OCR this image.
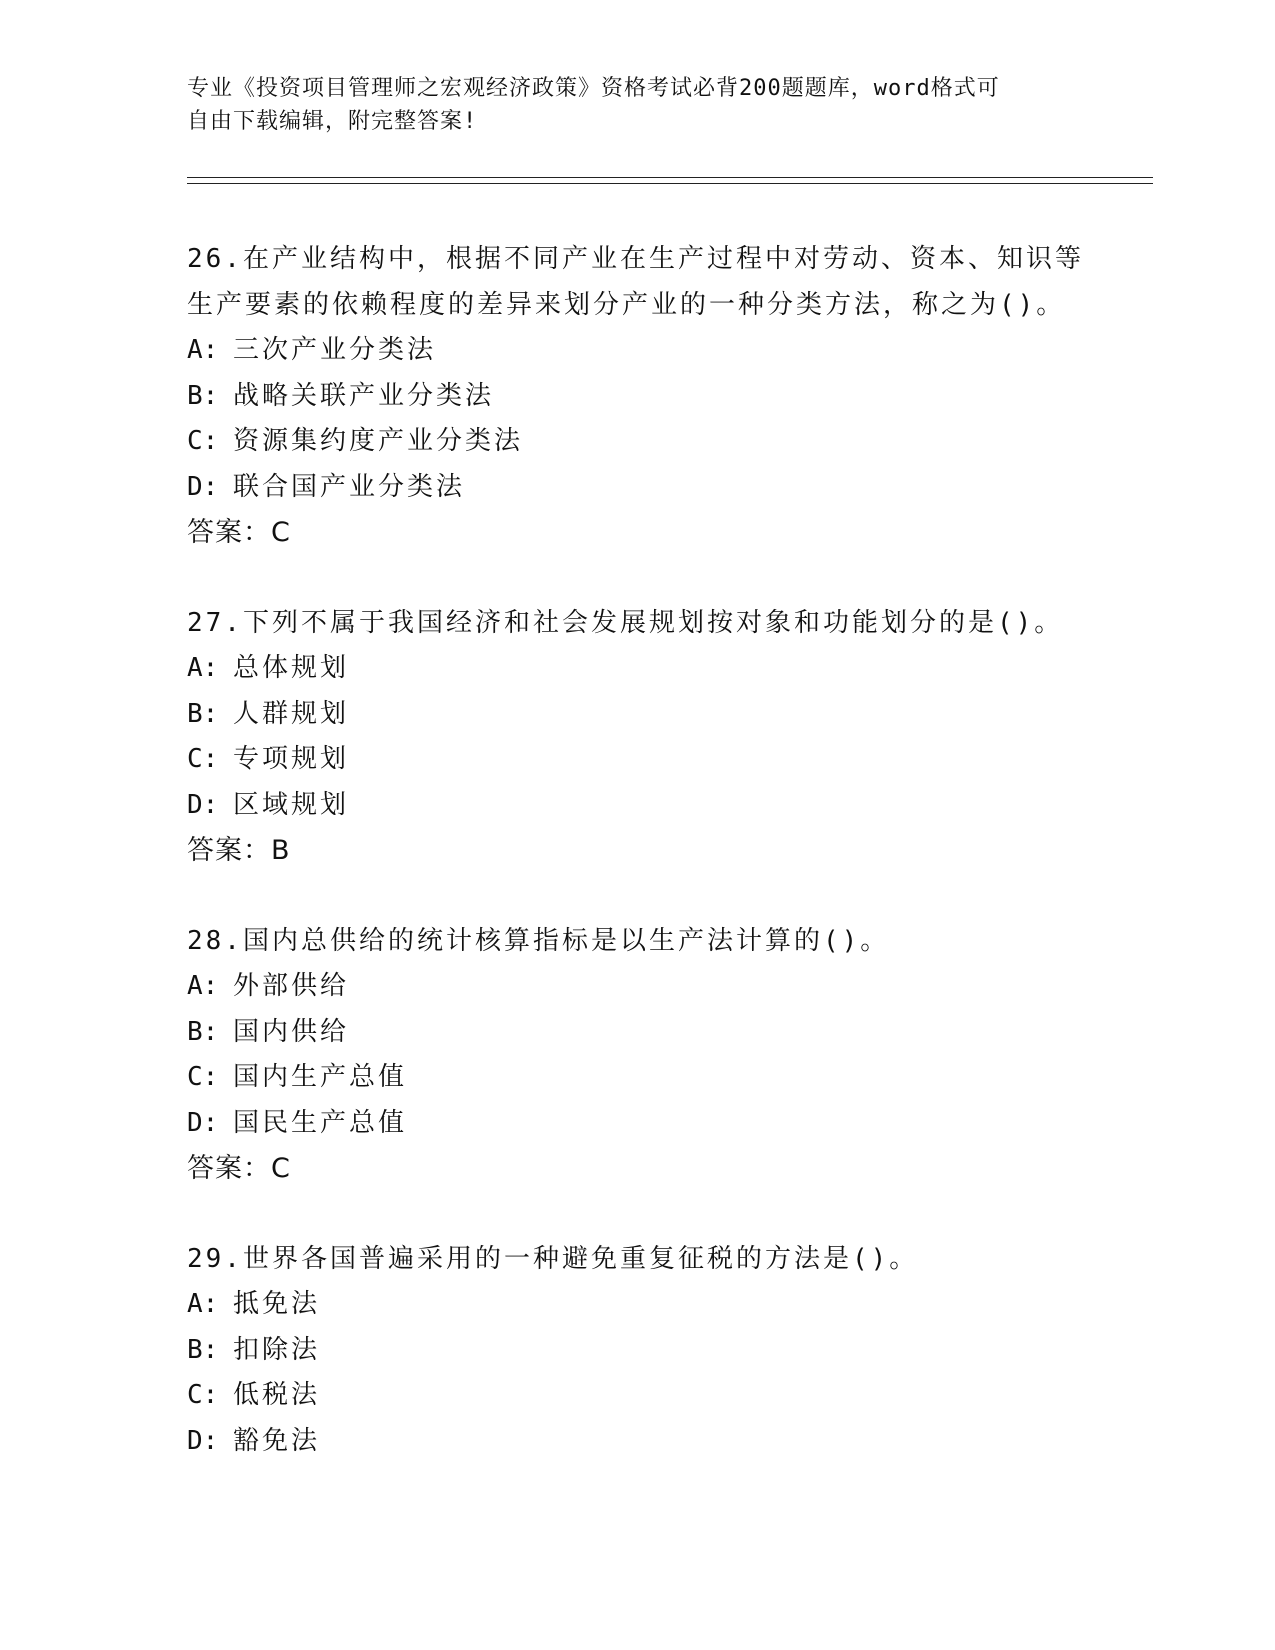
专业《投资项目管理师之宏观经济政策》资格考试必背200题题库，word格式可
自由下载编辑，附完整答案!

26.在产业结构中，根据不同产业在生产过程中对劳动、资本、知识等

生产要素的依赖程度的差异来划分产业的一种分类方法，称之为()。

A: 三次产业分类法

B: 战略关联产业分类法

C: 资源集约度产业分类法

D: 联合国产业分类法

答案：C

27.下列不属于我国经济和社会发展规划按对象和功能划分的是()。

A: 总体规划

B: 人群规划

C: 专项规划

D: 区域规划

答案：B

28.国内总供给的统计核算指标是以生产法计算的()。

A: 外部供给

B: 国内供给

C: 国内生产总值

D: 国民生产总值

答案：C

29.世界各国普遍采用的一种避免重复征税的方法是()。

A: 抵免法

B: 扣除法

C: 低税法

D: 豁免法
